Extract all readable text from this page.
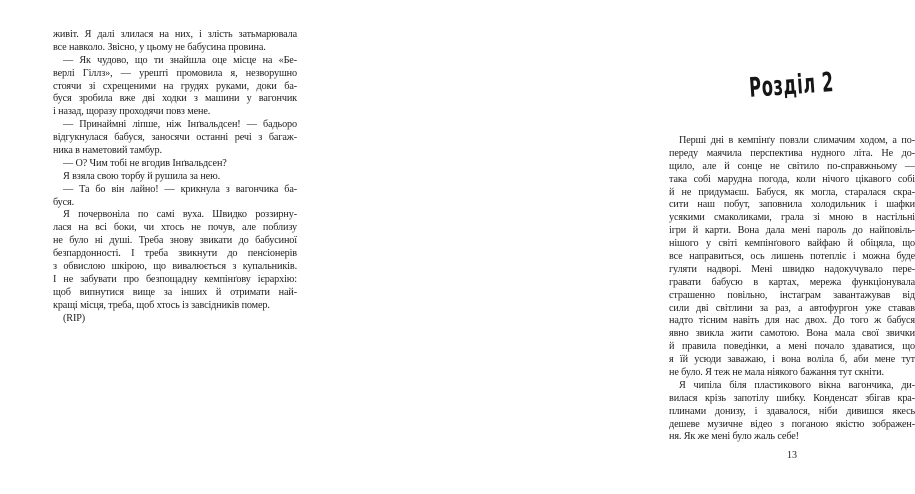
живіт. Я далі злилася на них, і злість затьмарювала
все навколо. Звісно, у цьому не бабусина провина.
— Як чудово, що ти знайшла оце місце на «Бе-
верлі Гіллз», — урешті промовила я, незворушно
стоячи зі схрещеними на грудях руками, доки ба-
буся зробила вже дві ходки з машини у вагончик
і назад, щоразу проходячи повз мене.
— Принаймні ліпше, ніж Інґвальдсен! — бадьоро
відгукнулася бабуся, заносячи останні речі з багаж-
ника в наметовий тамбур.
— О? Чим тобі не вгодив Інґвальдсен?
Я взяла свою торбу й рушила за нею.
— Та бо він лайно! — крикнула з вагончика ба-
буся.
Я почервоніла по самі вуха. Швидко роззирну-
лася на всі боки, чи хтось не почув, але поблизу
не було ні душі. Треба знову звикати до бабусиної
безпардонності. І треба звикнути до пенсіонерів
з обвислою шкірою, що вивалюється з купальників.
І не забувати про безпощадну кемпінґову ієрархію:
щоб випнутися вище за інших й отримати най-
кращі місця, треба, щоб хтось із завсідників помер.
(RIP)
Розділ 2
Перші дні в кемпінґу повзли слимачим ходом, а по-
переду маячила перспектива нудного літа. Не до-
щило, але й сонце не світило по-справжньому —
така собі марудна погода, коли нічого цікавого собі
й не придумаєш. Бабуся, як могла, старалася скра-
сити наш побут, заповнила холодильник і шафки
усякими смаколиками, грала зі мною в настільні
ігри й карти. Вона дала мені пароль до найповіль-
нішого у світі кемпінґового вайфаю й обіцяла, що
все направиться, ось лишень потепліє і можна буде
гуляти надворі. Мені швидко надокучувало пере-
гравати бабусю в картах, мережа функціонувала
страшенно повільно, інстаграм завантажував від
сили дві світлини за раз, а автофургон уже ставав
надто тісним навіть для нас двох. До того ж бабуся
явно звикла жити самотою. Вона мала свої звички
й правила поведінки, а мені почало здаватися, що
я їй усюди заважаю, і вона воліла б, аби мене тут
не було. Я теж не мала ніякого бажання тут скніти.
Я чипіла біля пластикового вікна вагончика, ди-
вилася крізь запотілу шибку. Конденсат збігав кра-
плинами донизу, і здавалося, ніби дивишся якесь
дешеве музичне відео з поганою якістю зображен-
ня. Як же мені було жаль себе!
13
